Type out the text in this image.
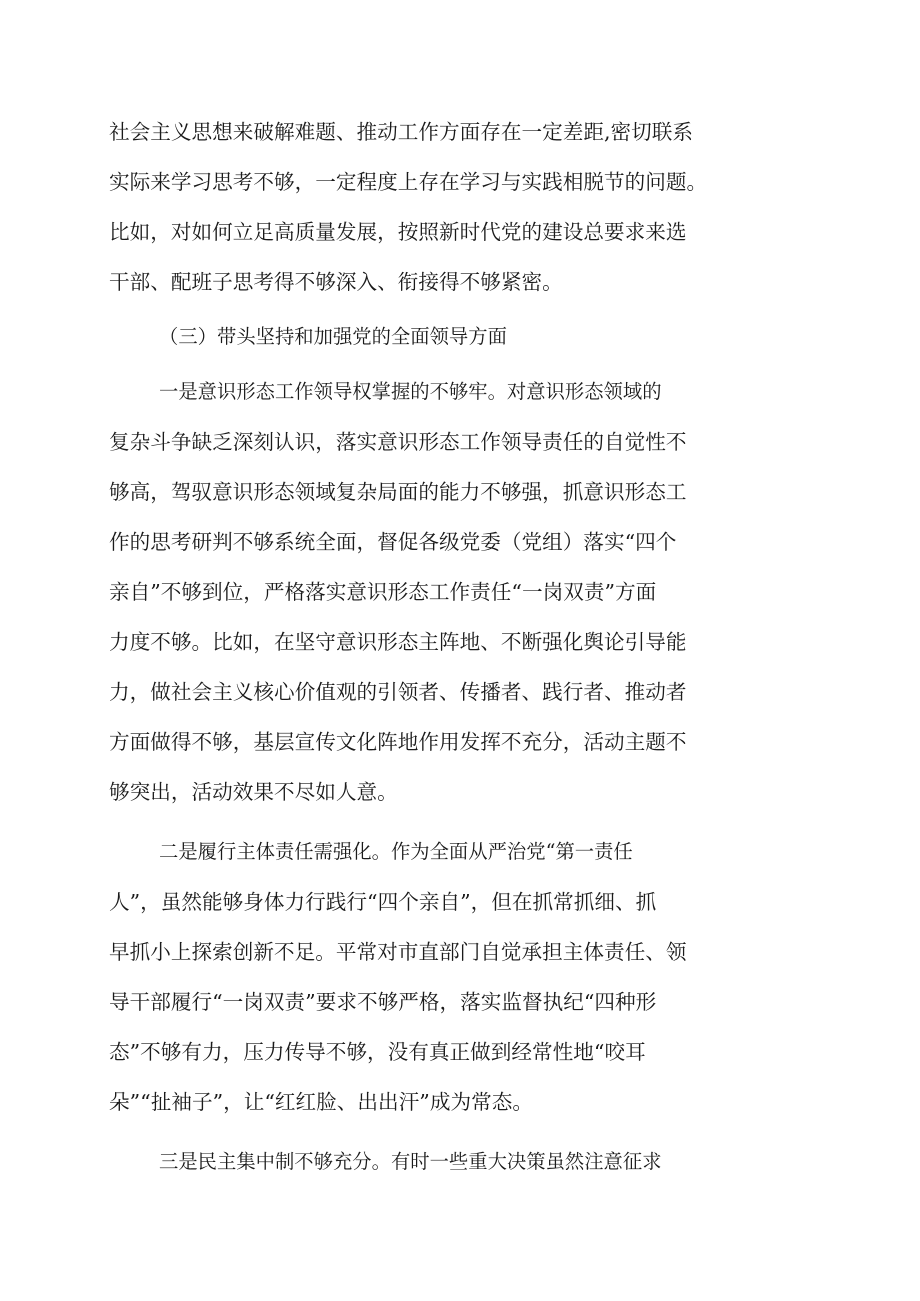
社会主义思想来破解难题、推动工作方面存在一定差距,密切联系

实际来学习思考不够，一定程度上存在学习与实践相脱节的问题。

比如，对如何立足高质量发展，按照新时代党的建设总要求来选

干部、配班子思考得不够深入、衔接得不够紧密。

（三）带头坚持和加强党的全面领导方面

一是意识形态工作领导权掌握的不够牢。对意识形态领域的

复杂斗争缺乏深刻认识，落实意识形态工作领导责任的自觉性不

够高，驾驭意识形态领域复杂局面的能力不够强，抓意识形态工

作的思考研判不够系统全面，督促各级党委（党组）落实“四个

亲自”不够到位，严格落实意识形态工作责任“一岗双责”方面

力度不够。比如，在坚守意识形态主阵地、不断强化舆论引导能

力，做社会主义核心价值观的引领者、传播者、践行者、推动者

方面做得不够，基层宣传文化阵地作用发挥不充分，活动主题不

够突出，活动效果不尽如人意。

二是履行主体责任需强化。作为全面从严治党“第一责任

人”，虽然能够身体力行践行“四个亲自”，但在抓常抓细、抓

早抓小上探索创新不足。平常对市直部门自觉承担主体责任、领

导干部履行“一岗双责”要求不够严格，落实监督执纪“四种形

态”不够有力，压力传导不够，没有真正做到经常性地“咬耳

朵”“扯袖子”，让“红红脸、出出汗”成为常态。

三是民主集中制不够充分。有时一些重大决策虽然注意征求
